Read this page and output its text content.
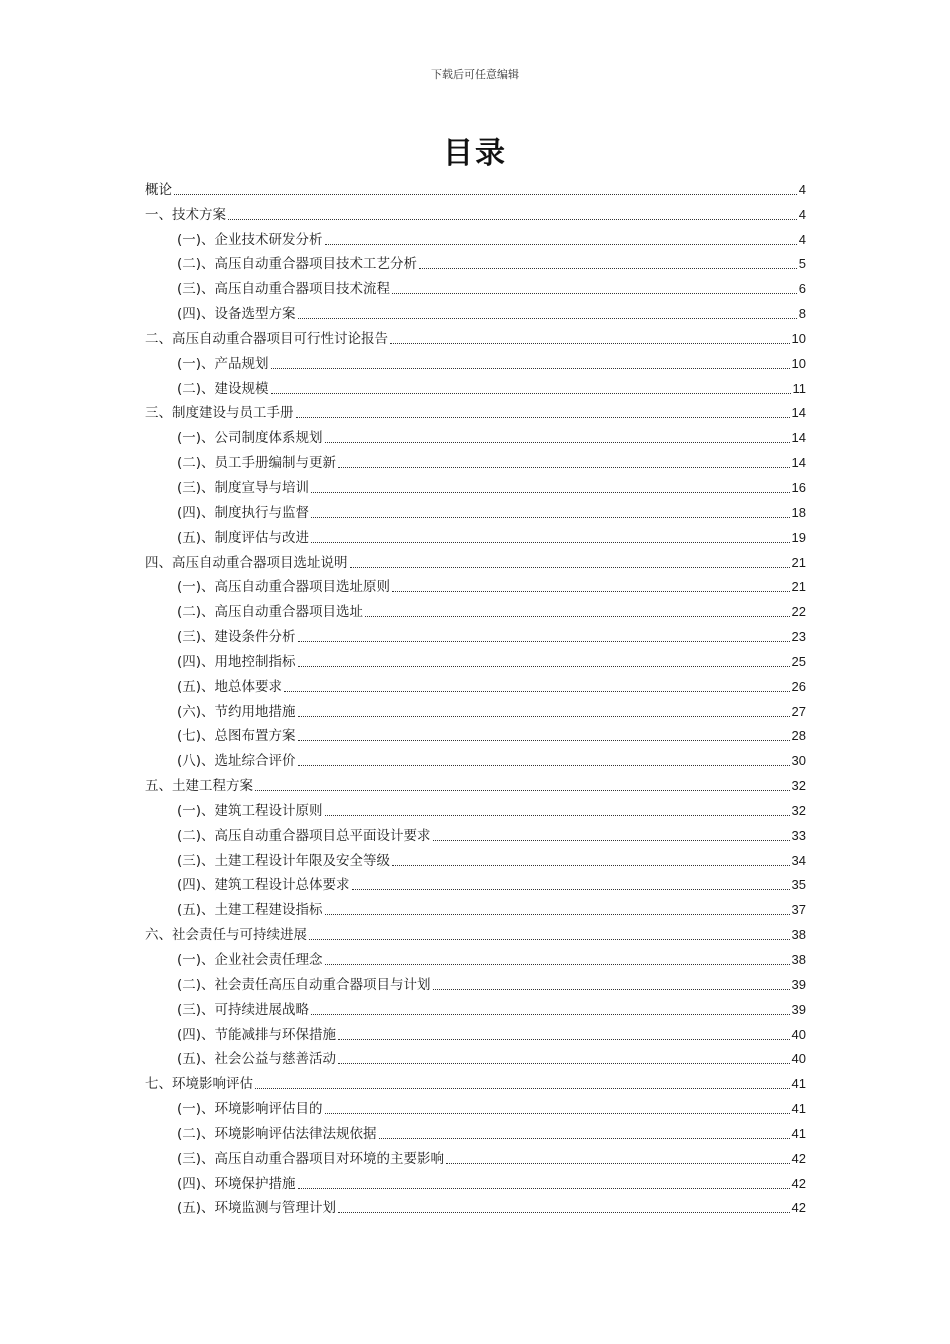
下载后可任意编辑
目录
概论	4
一、技术方案	4
(一)、企业技术研发分析	4
(二)、高压自动重合器项目技术工艺分析	5
(三)、高压自动重合器项目技术流程	6
(四)、设备选型方案	8
二、高压自动重合器项目可行性讨论报告	10
(一)、产品规划	10
(二)、建设规模	11
三、制度建设与员工手册	14
(一)、公司制度体系规划	14
(二)、员工手册编制与更新	14
(三)、制度宣导与培训	16
(四)、制度执行与监督	18
(五)、制度评估与改进	19
四、高压自动重合器项目选址说明	21
(一)、高压自动重合器项目选址原则	21
(二)、高压自动重合器项目选址	22
(三)、建设条件分析	23
(四)、用地控制指标	25
(五)、地总体要求	26
(六)、节约用地措施	27
(七)、总图布置方案	28
(八)、选址综合评价	30
五、土建工程方案	32
(一)、建筑工程设计原则	32
(二)、高压自动重合器项目总平面设计要求	33
(三)、土建工程设计年限及安全等级	34
(四)、建筑工程设计总体要求	35
(五)、土建工程建设指标	37
六、社会责任与可持续进展	38
(一)、企业社会责任理念	38
(二)、社会责任高压自动重合器项目与计划	39
(三)、可持续进展战略	39
(四)、节能减排与环保措施	40
(五)、社会公益与慈善活动	40
七、环境影响评估	41
(一)、环境影响评估目的	41
(二)、环境影响评估法律法规依据	41
(三)、高压自动重合器项目对环境的主要影响	42
(四)、环境保护措施	42
(五)、环境监测与管理计划	42
